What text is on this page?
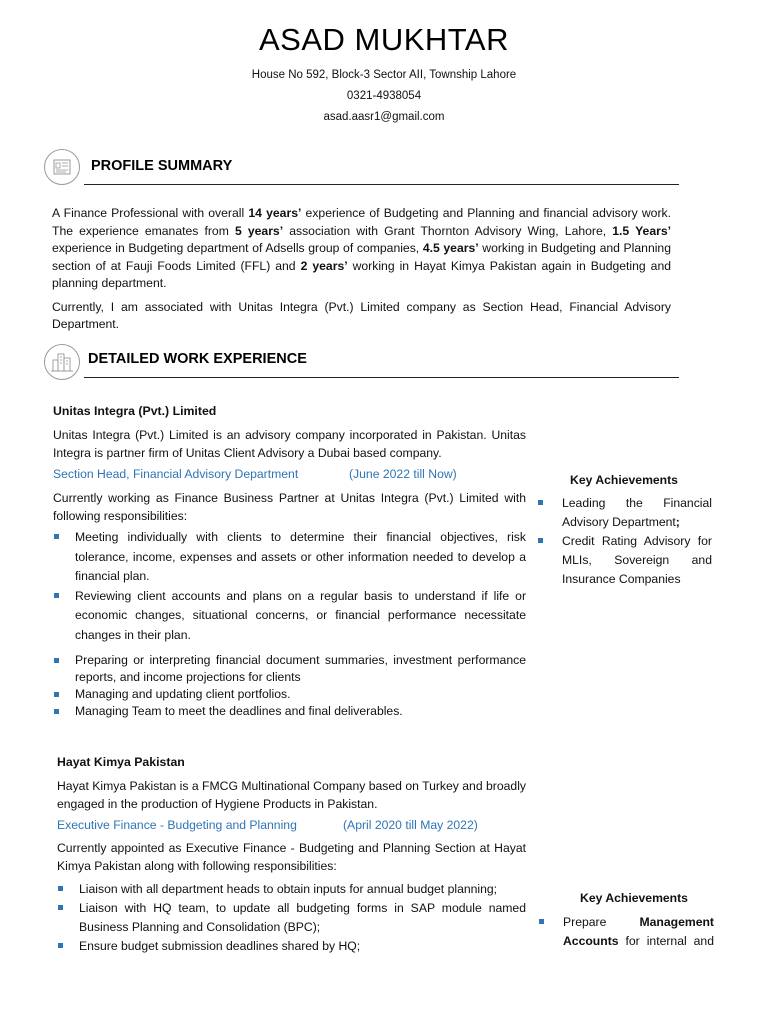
ASAD MUKHTAR
House No 592, Block-3 Sector AII, Township Lahore
0321-4938054
asad.aasr1@gmail.com
PROFILE SUMMARY

A Finance Professional with overall 14 years’ experience of Budgeting and Planning and financial advisory work. The experience emanates from 5 years’ association with Grant Thornton Advisory Wing, Lahore, 1.5 Years’ experience in Budgeting department of Adsells group of companies, 4.5 years’ working in Budgeting and Planning section of at Fauji Foods Limited (FFL) and 2 years’ working in Hayat Kimya Pakistan again in Budgeting and planning department.

Currently, I am associated with Unitas Integra (Pvt.) Limited company as Section Head, Financial Advisory Department.

DETAILED WORK EXPERIENCE
Unitas Integra (Pvt.) Limited

Unitas Integra (Pvt.) Limited is an advisory company incorporated in Pakistan. Unitas Integra is partner firm of Unitas Client Advisory a Dubai based company.

Section Head, Financial Advisory Department	(June 2022 till Now)

Currently working as Finance Business Partner at Unitas Integra (Pvt.) Limited with following responsibilities:

Meeting individually with clients to determine their financial objectives, risk tolerance, income, expenses and assets or other information needed to develop a financial plan.
Reviewing client accounts and plans on a regular basis to understand if life or economic changes, situational concerns, or financial performance necessitate changes in their plan.
Preparing or interpreting financial document summaries, investment performance reports, and income projections for clients
Managing and updating client portfolios.
Managing Team to meet the deadlines and final deliverables.
Key Achievements
Leading the Financial Advisory Department;
Credit Rating Advisory for MLIs, Sovereign and Insurance Companies
Hayat Kimya Pakistan

Hayat Kimya Pakistan is a FMCG Multinational Company based on Turkey and broadly engaged in the production of Hygiene Products in Pakistan.

Executive Finance - Budgeting and Planning	(April 2020 till May 2022)

Currently appointed as Executive Finance - Budgeting and Planning Section at Hayat Kimya Pakistan along with following responsibilities:

Liaison with all department heads to obtain inputs for annual budget planning;
Liaison with HQ team, to update all budgeting forms in SAP module named Business Planning and Consolidation (BPC);
Ensure budget submission deadlines shared by HQ;
Key Achievements
Prepare	Management Accounts for internal and
